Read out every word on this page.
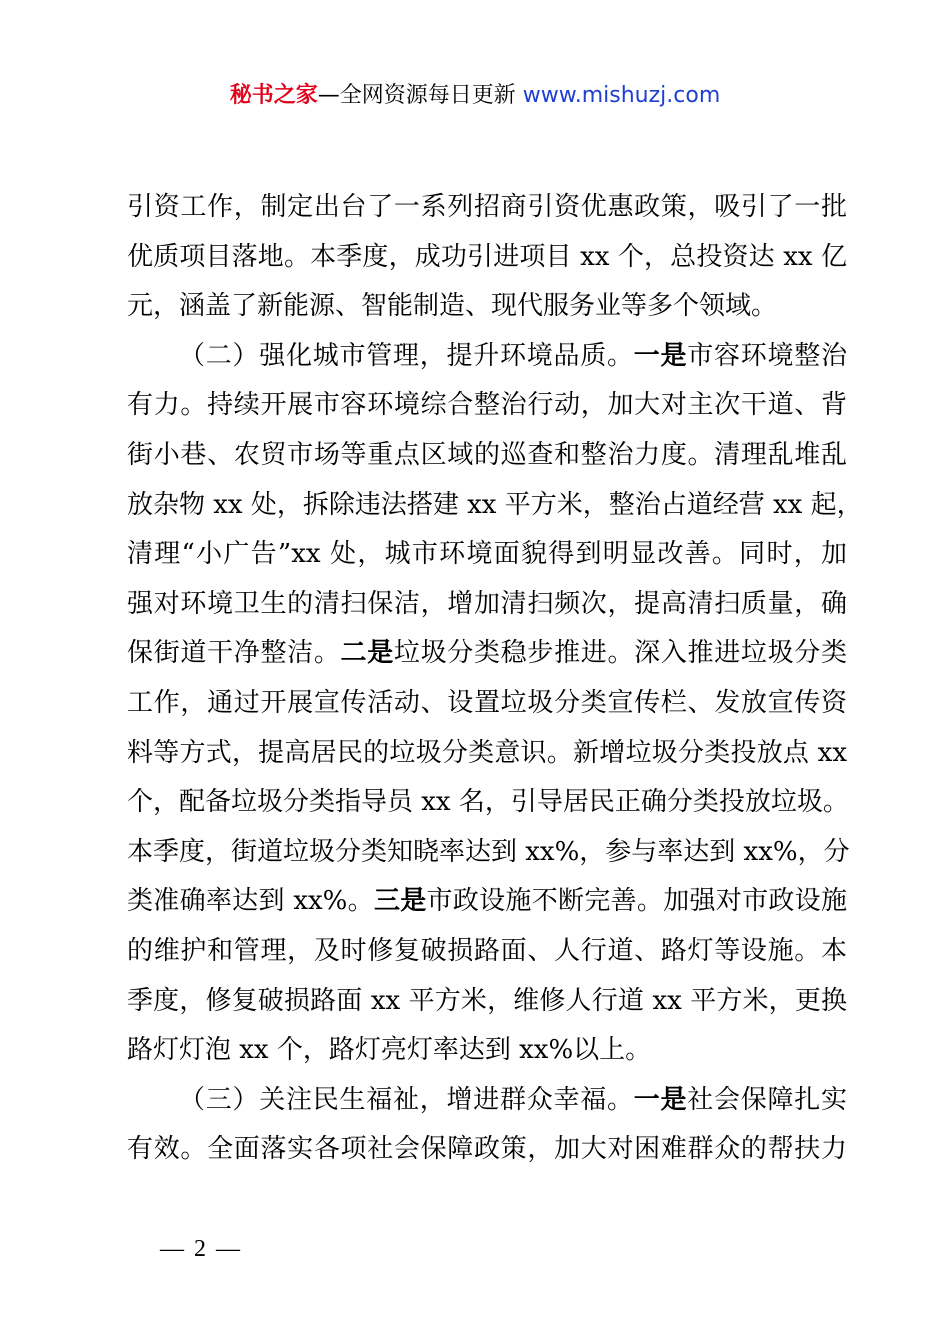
秘书之家—全网资源每日更新 www.mishuzj.com
引资工作，制定出台了一系列招商引资优惠政策，吸引了一批
优质项目落地。本季度，成功引进项目 xx 个，总投资达 xx 亿
元，涵盖了新能源、智能制造、现代服务业等多个领域。
（二）强化城市管理，提升环境品质。一是市容环境整治
有力。持续开展市容环境综合整治行动，加大对主次干道、背
街小巷、农贸市场等重点区域的巡查和整治力度。清理乱堆乱
放杂物 xx 处，拆除违法搭建 xx 平方米，整治占道经营 xx 起，
清理“小广告”xx 处，城市环境面貌得到明显改善。同时，加
强对环境卫生的清扫保洁，增加清扫频次，提高清扫质量，确
保街道干净整洁。二是垃圾分类稳步推进。深入推进垃圾分类
工作，通过开展宣传活动、设置垃圾分类宣传栏、发放宣传资
料等方式，提高居民的垃圾分类意识。新增垃圾分类投放点 xx
个，配备垃圾分类指导员 xx 名，引导居民正确分类投放垃圾。
本季度，街道垃圾分类知晓率达到 xx%，参与率达到 xx%，分
类准确率达到 xx%。三是市政设施不断完善。加强对市政设施
的维护和管理，及时修复破损路面、人行道、路灯等设施。本
季度，修复破损路面 xx 平方米，维修人行道 xx 平方米，更换
路灯灯泡 xx 个，路灯亮灯率达到 xx%以上。
（三）关注民生福祉，增进群众幸福。一是社会保障扎实
有效。全面落实各项社会保障政策，加大对困难群众的帮扶力
— 2 —
